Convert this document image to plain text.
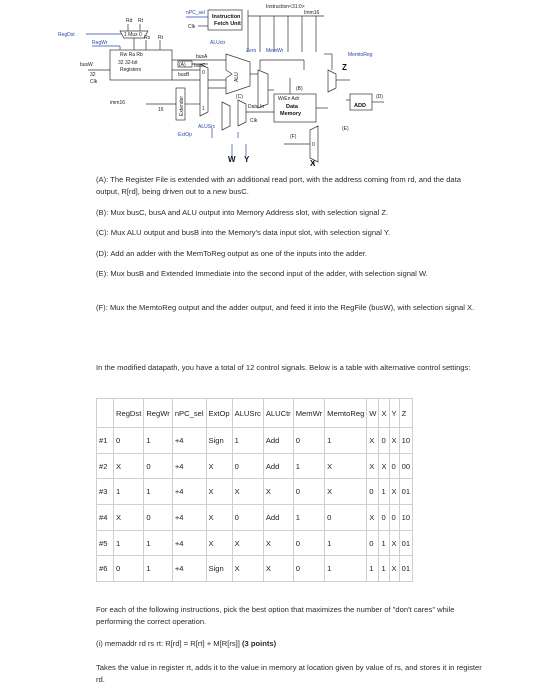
Instruction<31:0>
nPC_sel
Instruction
Fetch Unit
Clk
RegDst	1 Mux 0
Rd Rt
Rs Rt
RegWr	ALUctr
Rw Ra Rb
32 32-bit
Registers
busW
32
Clk
busA
busB
busC
(A)
imm16
16	Extender
Zero MemWr
ALU
(B)
(C)
Z
Y
WrEn Adr
Data
Memory
Data In
Clk
ALUSrc
ExtOp
MemtoReg
(D)
ADD
(E)
(F)
W	X
Imm16
0
1
0

(A): The Register File is extended with an additional read port, with the address coming from rd, and the data output, R[rd], being driven out to a new busC.

(B): Mux busC, busA and ALU output into Memory Address slot, with selection signal Z.

(C): Mux ALU output and busB into the Memory's data input slot, with selection signal Y.

(D): Add an adder with the MemToReg output as one of the inputs into the adder.

(E): Mux busB and Extended Immediate into the second input of the adder, with selection signal W.

(F): Mux the MemtoReg output and the adder output, and feed it into the RegFile (busW), with selection signal X.

In the modified datapath, you have a total of 12 control signals. Below is a table with alternative control settings:

	RegDst	RegWr	nPC_sel	ExtOp	ALUSrc	ALUCtr	MemWr	MemtoReg	W	X	Y	Z
#1	0	1	+4	Sign	1	Add	0	1	X	0	X	10
#2	X	0	+4	X	0	Add	1	X	X	X	0	00
#3	1	1	+4	X	X	X	0	X	0	1	X	01
#4	X	0	+4	X	0	Add	1	0	X	0	0	10
#5	1	1	+4	X	X	X	0	1	0	1	X	01
#6	0	1	+4	Sign	X	X	0	1	1	1	X	01

For each of the following instructions, pick the best option that maximizes the number of "don't cares" while performing the correct operation.

(i) memaddr rd rs rt: R[rd] = R[rt] + M[R[rs]] (3 points)

Takes the value in register rt, adds it to the value in memory at location given by value of rs, and stores it in register rd.
